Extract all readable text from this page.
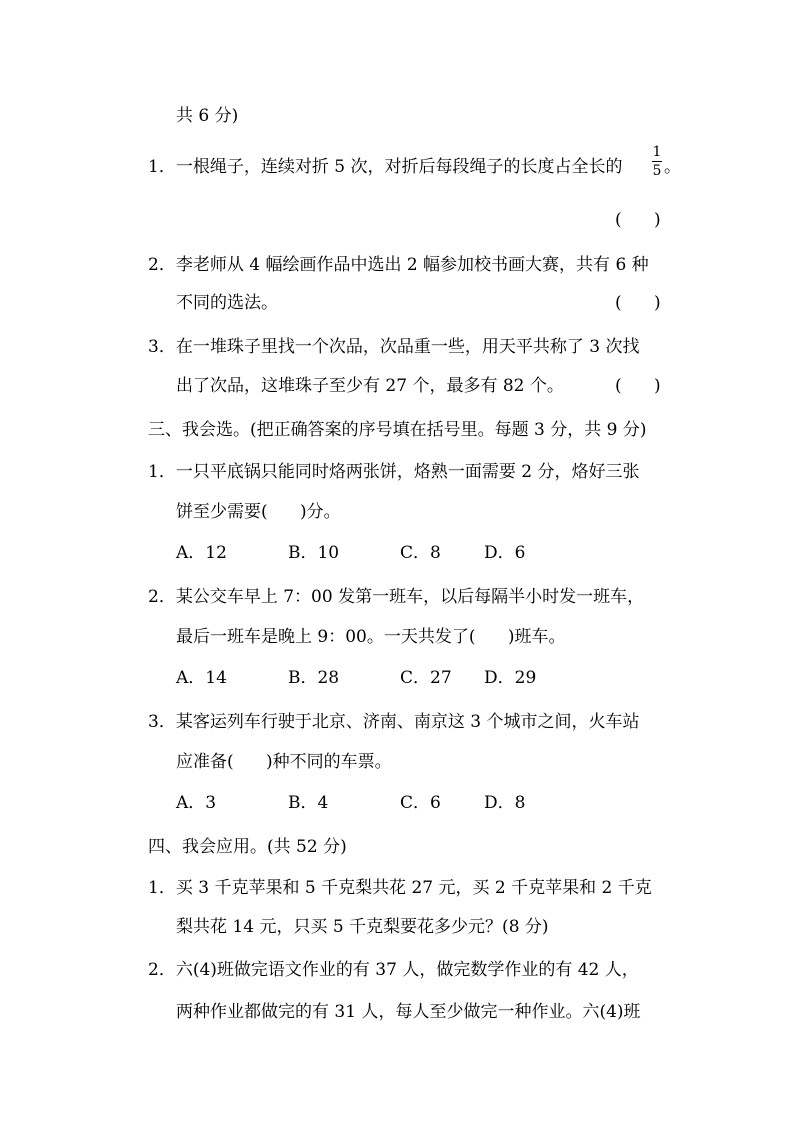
共 6 分)
1．一根绳子，连续对折 5 次，对折后每段绳子的长度占全长的
1
5 。
(      )
2．李老师从 4 幅绘画作品中选出 2 幅参加校书画大赛，共有 6 种
不同的选法。	(      )
3．在一堆珠子里找一个次品，次品重一些，用天平共称了 3 次找
出了次品，这堆珠子至少有 27 个，最多有 82 个。	(      )
三、我会选。(把正确答案的序号填在括号里。每题 3 分，共 9 分)
1．一只平底锅只能同时烙两张饼，烙熟一面需要 2 分，烙好三张
饼至少需要(      )分。
A．12	B．10	C．8	D．6
2．某公交车早上 7：00 发第一班车，以后每隔半小时发一班车，
最后一班车是晚上 9：00。一天共发了(      )班车。
A．14	B．28	C．27 D．29
3．某客运列车行驶于北京、济南、南京这 3 个城市之间，火车站
应准备(      )种不同的车票。
A．3	B．4	C．6	D．8
四、我会应用。(共 52 分)
1．买 3 千克苹果和 5 千克梨共花 27 元，买 2 千克苹果和 2 千克
梨共花 14 元，只买 5 千克梨要花多少元？(8 分)
2．六(4)班做完语文作业的有 37 人，做完数学作业的有 42 人，
两种作业都做完的有 31 人，每人至少做完一种作业。六(4)班
